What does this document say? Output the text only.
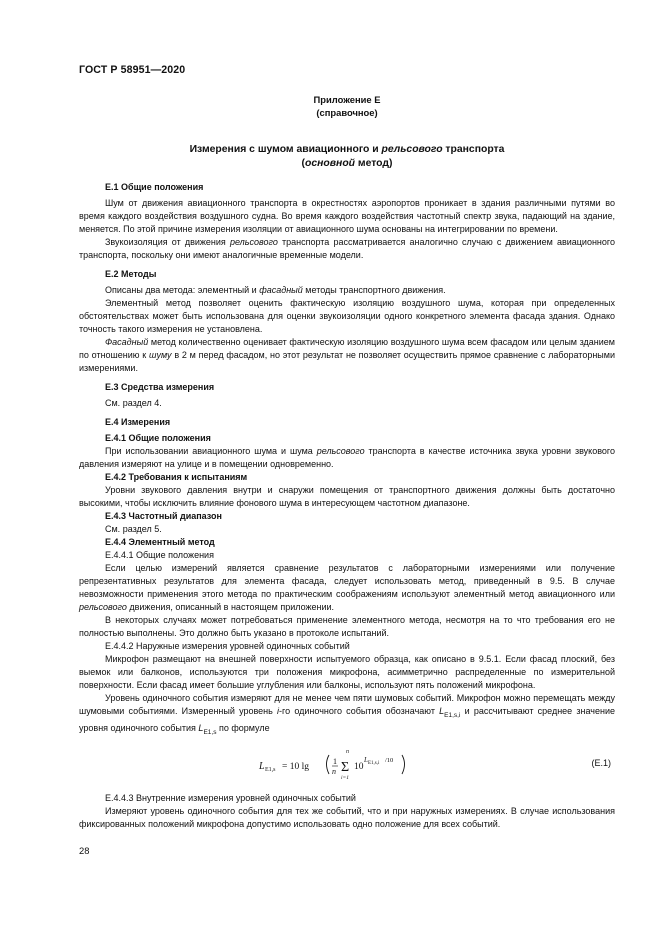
ГОСТ Р 58951—2020
Приложение Е
(справочное)
Измерения с шумом авиационного и рельсового транспорта
(основной метод)
Е.1 Общие положения

Шум от движения авиационного транспорта в окрестностях аэропортов проникает в здания различными путями во время каждого воздействия воздушного судна. Во время каждого воздействия частотный спектр звука, падающий на здание, меняется. По этой причине измерения изоляции от авиационного шума основаны на интегрировании по времени.

Звукоизоляция от движения рельсового транспорта рассматривается аналогично случаю с движением авиационного транспорта, поскольку они имеют аналогичные временные модели.

Е.2 Методы

Описаны два метода: элементный и фасадный методы транспортного движения.

Элементный метод позволяет оценить фактическую изоляцию воздушного шума, которая при определенных обстоятельствах может быть использована для оценки звукоизоляции одного конкретного элемента фасада здания. Однако точность такого измерения не установлена.

Фасадный метод количественно оценивает фактическую изоляцию воздушного шума всем фасадом или целым зданием по отношению к шуму в 2 м перед фасадом, но этот результат не позволяет осуществить прямое сравнение с лабораторными измерениями.

Е.3 Средства измерения

См. раздел 4.

Е.4 Измерения
Е.4.1 Общие положения

При использовании авиационного шума и шума рельсового транспорта в качестве источника звука уровни звукового давления измеряют на улице и в помещении одновременно.

Е.4.2 Требования к испытаниям

Уровни звукового давления внутри и снаружи помещения от транспортного движения должны быть достаточно высокими, чтобы исключить влияние фонового шума в интересующем частотном диапазоне.

Е.4.3 Частотный диапазон

См. раздел 5.

Е.4.4 Элементный метод
Е.4.4.1 Общие положения

Если целью измерений является сравнение результатов с лабораторными измерениями или получение репрезентативных результатов для элемента фасада, следует использовать метод, приведенный в 9.5. В случае невозможности применения этого метода по практическим соображениям используют элементный метод авиационного или рельсового движения, описанный в настоящем приложении.

В некоторых случаях может потребоваться применение элементного метода, несмотря на то что требования его не полностью выполнены. Это должно быть указано в протоколе испытаний.

Е.4.4.2 Наружные измерения уровней одиночных событий

Микрофон размещают на внешней поверхности испытуемого образца, как описано в 9.5.1. Если фасад плоский, без выемок или балконов, используются три положения микрофона, асимметрично распределенные по измерительной поверхности. Если фасад имеет большие углубления или балконы, используют пять положений микрофона.

Уровень одиночного события измеряют для не менее чем пяти шумовых событий. Микрофон можно перемещать между шумовыми событиями. Измеренный уровень i-го одиночного события обозначают $L_{E1,s,i}$ и рассчитывают среднее значение уровня одиночного события $L_{E1,s}$ по формуле

L E1,s = 10 lg
1
n
n
Σ
i=1
10
L E1,s,i /10	(Е.1)
Е.4.4.3 Внутренние измерения уровней одиночных событий

Измеряют уровень одиночного события для тех же событий, что и при наружных измерениях. В случае использования фиксированных положений микрофона допустимо использовать одно положение для всех событий.

28
